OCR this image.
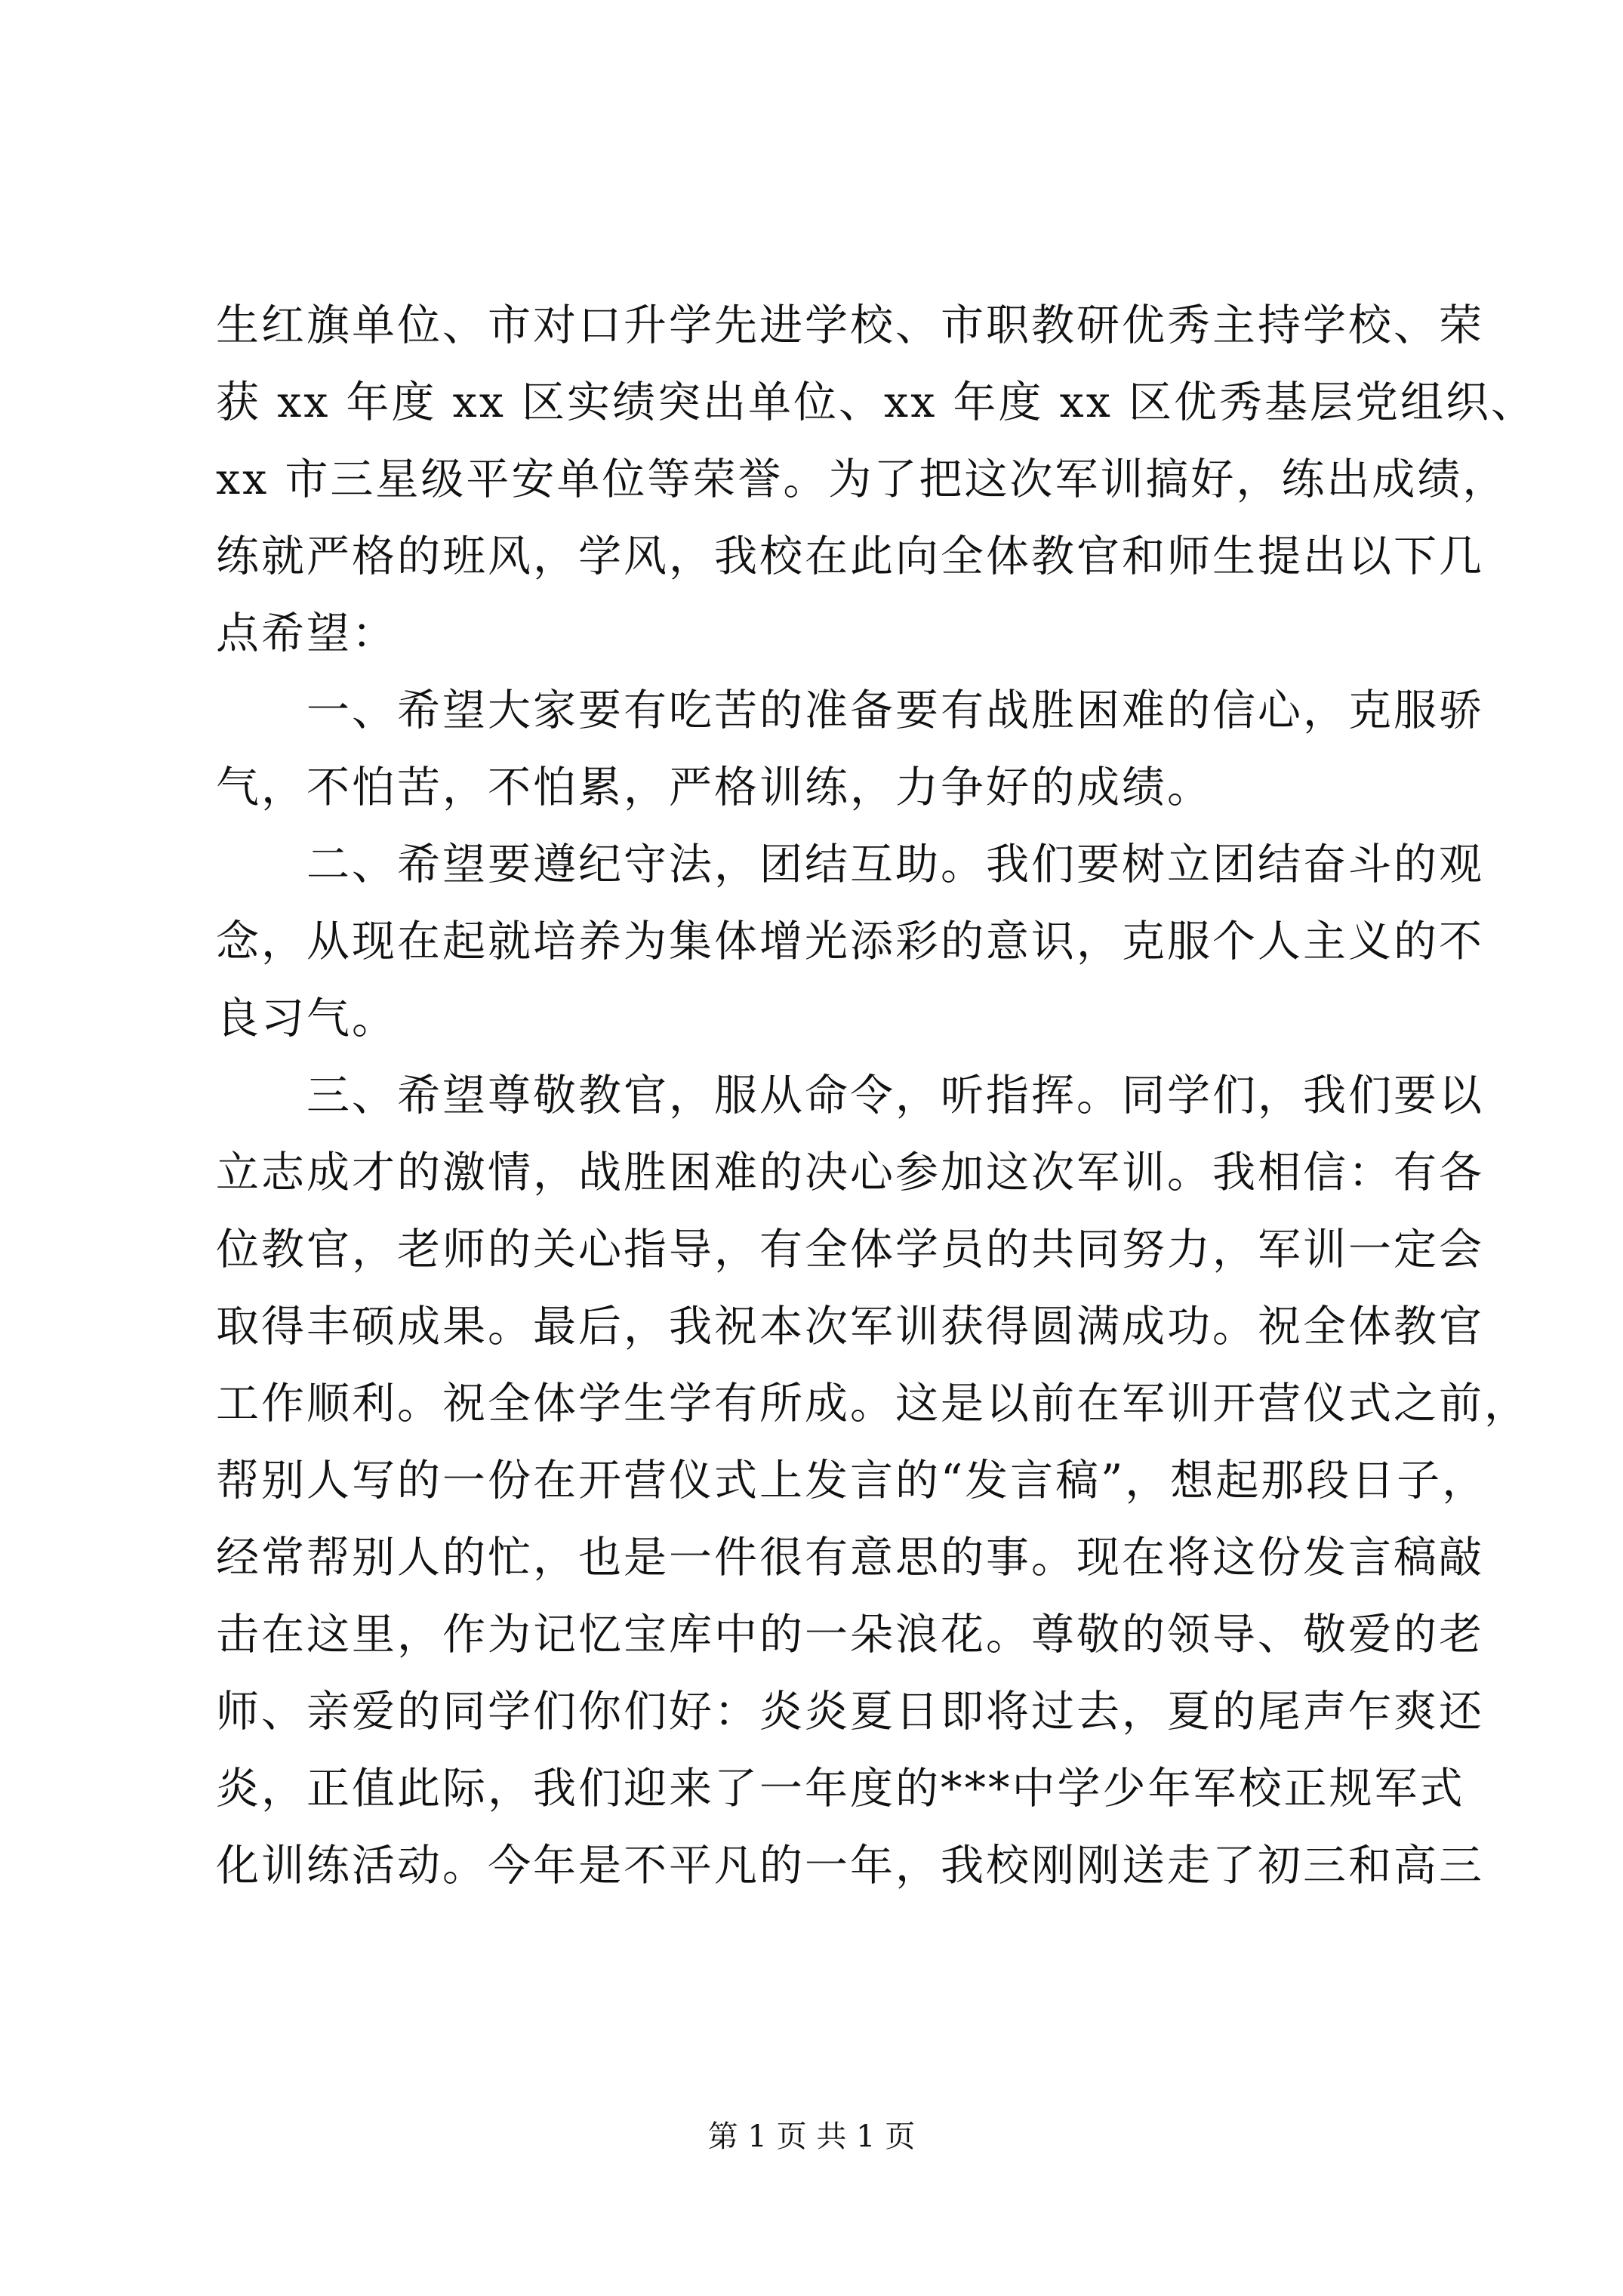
生红旗单位、市对口升学先进学校、市职教研优秀主持学校、荣
获 xx 年度 xx 区实绩突出单位、xx 年度 xx 区优秀基层党组织、
xx 市三星级平安单位等荣誉。为了把这次军训搞好，练出成绩，
练就严格的班风，学风，我校在此向全体教官和师生提出以下几
点希望：
　　一、希望大家要有吃苦的准备要有战胜困难的信心，克服骄
气，不怕苦，不怕累，严格训练，力争好的成绩。
　　二、希望要遵纪守法，团结互助。我们要树立团结奋斗的观
念，从现在起就培养为集体增光添彩的意识，克服个人主义的不
良习气。
　　三、希望尊敬教官，服从命令，听指挥。同学们，我们要以
立志成才的激情，战胜困难的决心参加这次军训。我相信：有各
位教官，老师的关心指导，有全体学员的共同努力，军训一定会
取得丰硕成果。最后，我祝本次军训获得圆满成功。祝全体教官
工作顺利。祝全体学生学有所成。这是以前在军训开营仪式之前，
帮别人写的一份在开营仪式上发言的“发言稿”，想起那段日子，
经常帮别人的忙，也是一件很有意思的事。现在将这份发言稿敲
击在这里，作为记忆宝库中的一朵浪花。尊敬的领导、敬爱的老
师、亲爱的同学们你们好：炎炎夏日即将过去，夏的尾声乍爽还
炎，正值此际，我们迎来了一年度的***中学少年军校正规军式
化训练活动。今年是不平凡的一年，我校刚刚送走了初三和高三
第 1 页 共 1 页
